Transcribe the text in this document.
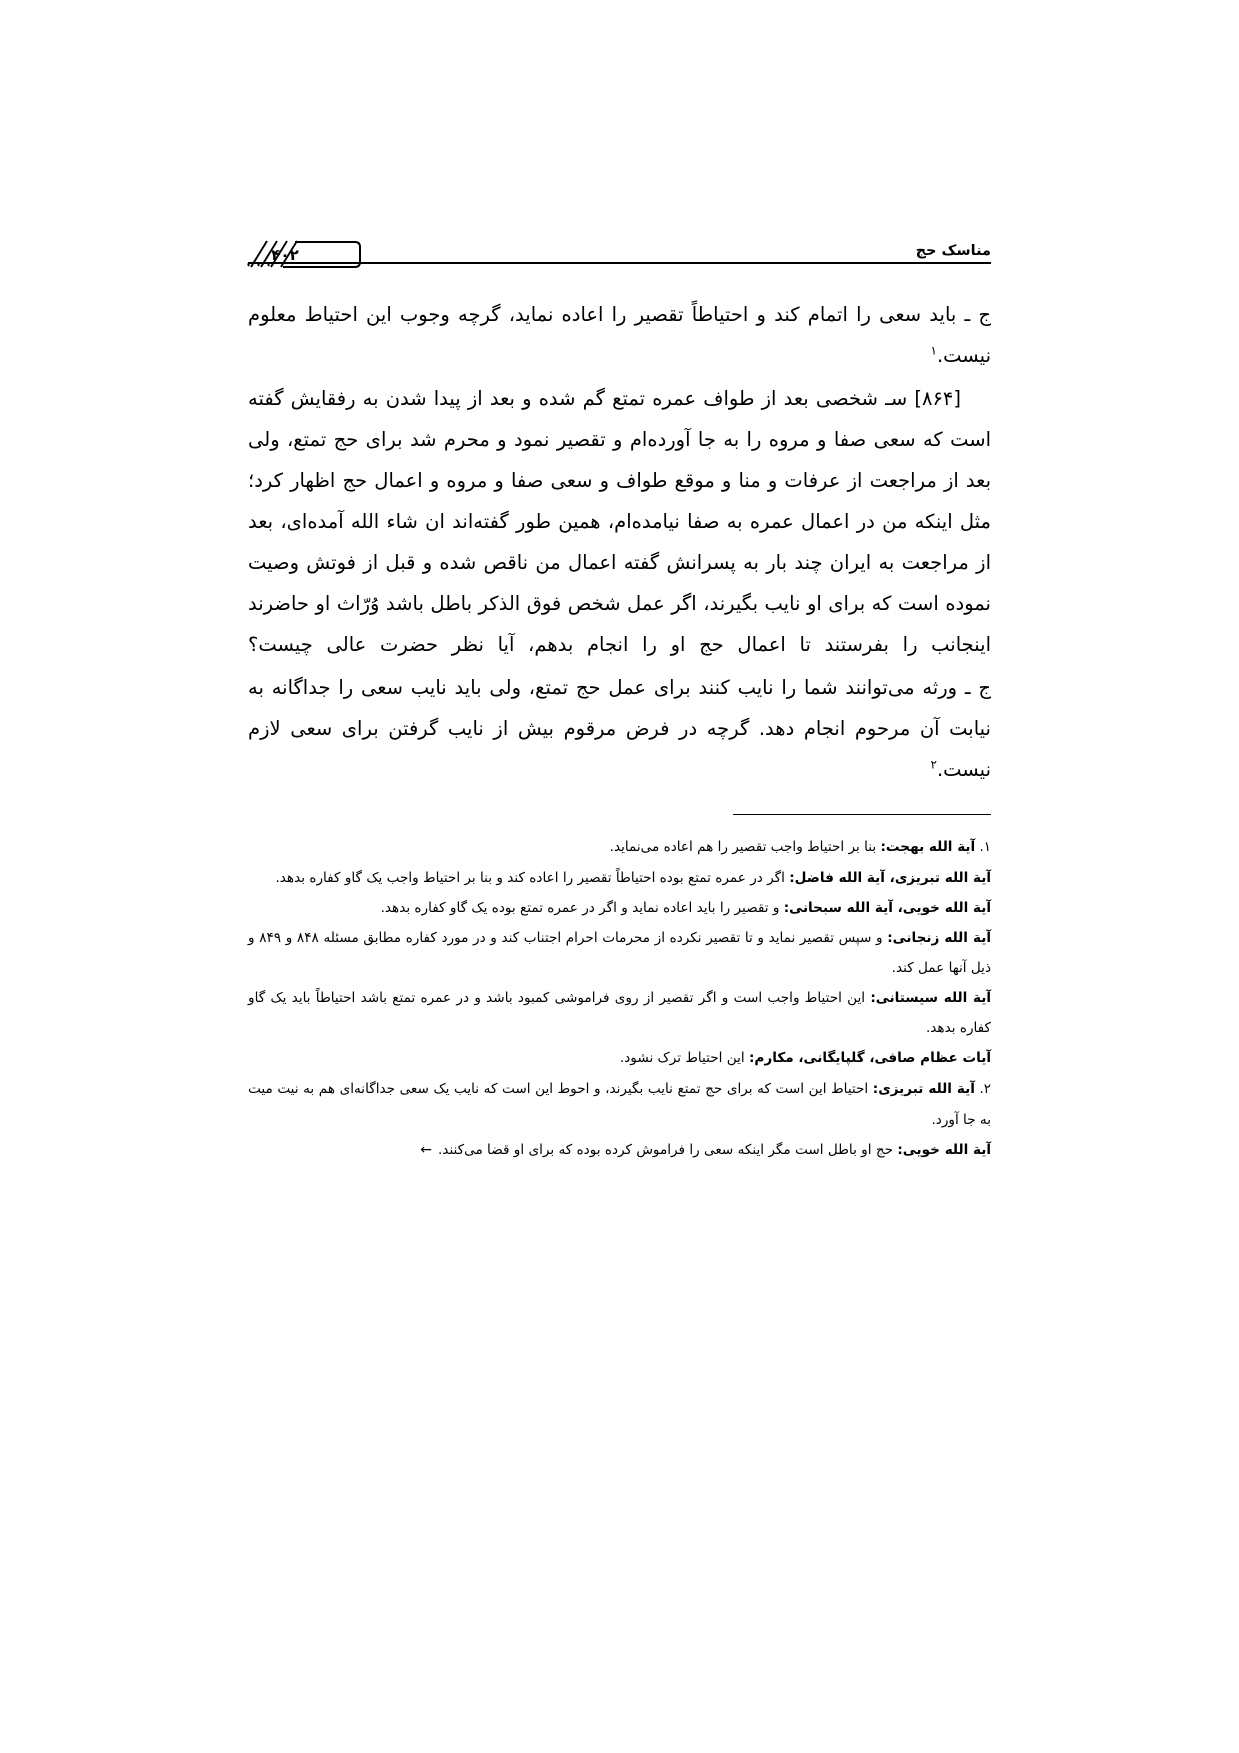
مناسک حج
۴۰۲

ج ـ باید سعی را اتمام کند و احتیاطاً تقصیر را اعاده نماید، گرچه وجوب این احتیاط معلوم نیست.$^۱$

[۸۶۴] سـ شخصی بعد از طواف عمره تمتع گم شده و بعد از پیدا شدن به رفقایش گفته است که سعی صفا و مروه را به جا آورده‌ام و تقصیر نمود و محرم شد برای حج تمتع، ولی بعد از مراجعت از عرفات و منا و موقع طواف و سعی صفا و مروه و اعمال حج اظهار کرد؛ مثل اینکه من در اعمال عمره به صفا نیامده‌ام، همین طور گفته‌اند ان شاء الله آمده‌ای، بعد از مراجعت به ایران چند بار به پسرانش گفته اعمال من ناقص شده و قبل از فوتش وصیت نموده است که برای او نایب بگیرند، اگر عمل شخص فوق الذکر باطل باشد وُرّاث او حاضرند اینجانب را بفرستند تا اعمال حج او را انجام بدهم، آیا نظر حضرت عالی چیست؟

ج ـ ورثه می‌توانند شما را نایب کنند برای عمل حج تمتع، ولی باید نایب سعی را جداگانه به نیابت آن مرحوم انجام دهد. گرچه در فرض مرقوم بیش از نایب گرفتن برای سعی لازم نیست.$^۲$

۱. آیة الله بهجت: بنا بر احتیاط واجب تقصیر را هم اعاده می‌نماید.
آیة الله تبریزی، آیة الله فاضل: اگر در عمره تمتع بوده احتیاطاً تقصیر را اعاده کند و بنا بر احتیاط واجب یک گاو کفاره بدهد.
آیة الله خویی، آیة الله سبحانی: و تقصیر را باید اعاده نماید و اگر در عمره تمتع بوده یک گاو کفاره بدهد.
آیة الله زنجانی: و سپس تقصیر نماید و تا تقصیر نکرده از محرمات احرام اجتناب کند و در مورد کفاره مطابق مسئله ۸۴۸ و ۸۴۹ و ذیل آنها عمل کند.
آیة الله سیستانی: این احتیاط واجب است و اگر تقصیر از روی فراموشی کمبود باشد و در عمره تمتع باشد احتیاطاً باید یک گاو کفاره بدهد.
آیات عظام صافی، گلپایگانی، مکارم: این احتیاط ترک نشود.
۲. آیة الله تبریزی: احتیاط این است که برای حج تمتع نایب بگیرند، و احوط این است که نایب یک سعی جداگانه‌ای هم به نیت میت به جا آورد.
آیة الله خویی: حج او باطل است مگر اینکه سعی را فراموش کرده بوده که برای او قضا می‌کنند.←
